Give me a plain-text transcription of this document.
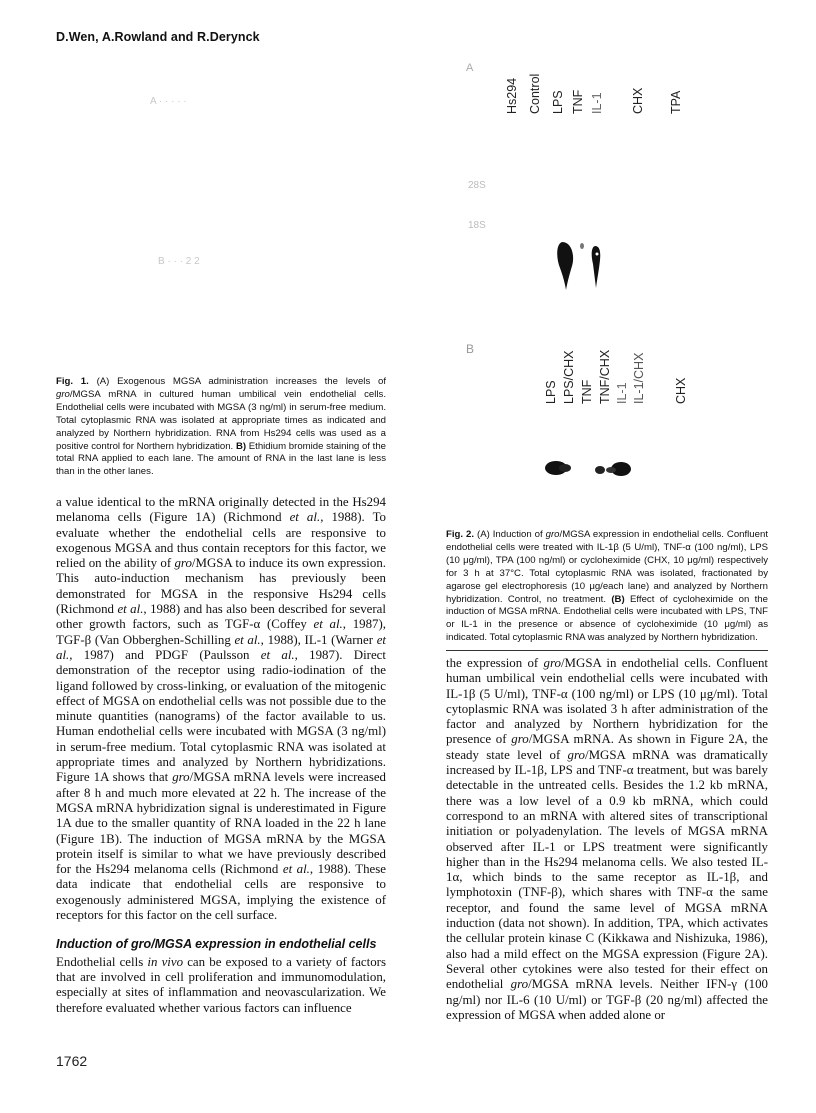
D.Wen, A.Rowland and R.Derynck
A · · · · ·
B · · · 2 2
A
Hs294 Control LPS TNF IL-1 CHX TPA
28S
18S
B
LPS LPS/CHX TNF TNF/CHX IL-1 IL-1/CHX CHX
Fig. 1. (A) Exogenous MGSA administration increases the levels of gro/MGSA mRNA in cultured human umbilical vein endothelial cells. Endothelial cells were incubated with MGSA (3 ng/ml) in serum-free medium. Total cytoplasmic RNA was isolated at appropriate times as indicated and analyzed by Northern hybridization. RNA from Hs294 cells was used as a positive control for Northern hybridization. B) Ethidium bromide staining of the total RNA applied to each lane. The amount of RNA in the last lane is less than in the other lanes.
Fig. 2. (A) Induction of gro/MGSA expression in endothelial cells. Confluent endothelial cells were treated with IL-1β (5 U/ml), TNF-α (100 ng/ml), LPS (10 μg/ml), TPA (100 ng/ml) or cycloheximide (CHX, 10 μg/ml) respectively for 3 h at 37°C. Total cytoplasmic RNA was isolated, fractionated by agarose gel electrophoresis (10 μg/each lane) and analyzed by Northern hybridization. Control, no treatment. (B) Effect of cycloheximide on the induction of MGSA mRNA. Endothelial cells were incubated with LPS, TNF or IL-1 in the presence or absence of cycloheximide (10 μg/ml) as indicated. Total cytoplasmic RNA was analyzed by Northern hybridization.

a value identical to the mRNA originally detected in the Hs294 melanoma cells (Figure 1A) (Richmond et al., 1988). To evaluate whether the endothelial cells are responsive to exogenous MGSA and thus contain receptors for this factor, we relied on the ability of gro/MGSA to induce its own expression. This auto-induction mechanism has previously been demonstrated for MGSA in the responsive Hs294 cells (Richmond et al., 1988) and has also been described for several other growth factors, such as TGF-α (Coffey et al., 1987), TGF-β (Van Obberghen-Schilling et al., 1988), IL-1 (Warner et al., 1987) and PDGF (Paulsson et al., 1987). Direct demonstration of the receptor using radio-iodination of the ligand followed by cross-linking, or evaluation of the mitogenic effect of MGSA on endothelial cells was not possible due to the minute quantities (nanograms) of the factor available to us. Human endothelial cells were incubated with MGSA (3 ng/ml) in serum-free medium. Total cytoplasmic RNA was isolated at appropriate times and analyzed by Northern hybridizations. Figure 1A shows that gro/MGSA mRNA levels were increased after 8 h and much more elevated at 22 h. The increase of the MGSA mRNA hybridization signal is underestimated in Figure 1A due to the smaller quantity of RNA loaded in the 22 h lane (Figure 1B). The induction of MGSA mRNA by the MGSA protein itself is similar to what we have previously described for the Hs294 melanoma cells (Richmond et al., 1988). These data indicate that endothelial cells are responsive to exogenously administered MGSA, implying the existence of receptors for this factor on the cell surface.

Induction of gro/MGSA expression in endothelial cells

Endothelial cells in vivo can be exposed to a variety of factors that are involved in cell proliferation and immunomodulation, especially at sites of inflammation and neovascularization. We therefore evaluated whether various factors can influence

the expression of gro/MGSA in endothelial cells. Confluent human umbilical vein endothelial cells were incubated with IL-1β (5 U/ml), TNF-α (100 ng/ml) or LPS (10 μg/ml). Total cytoplasmic RNA was isolated 3 h after administration of the factor and analyzed by Northern hybridization for the presence of gro/MGSA mRNA. As shown in Figure 2A, the steady state level of gro/MGSA mRNA was dramatically increased by IL-1β, LPS and TNF-α treatment, but was barely detectable in the untreated cells. Besides the 1.2 kb mRNA, there was a low level of a 0.9 kb mRNA, which could correspond to an mRNA with altered sites of transcriptional initiation or polyadenylation. The levels of MGSA mRNA observed after IL-1 or LPS treatment were significantly higher than in the Hs294 melanoma cells. We also tested IL-1α, which binds to the same receptor as IL-1β, and lymphotoxin (TNF-β), which shares with TNF-α the same receptor, and found the same level of MGSA mRNA induction (data not shown). In addition, TPA, which activates the cellular protein kinase C (Kikkawa and Nishizuka, 1986), also had a mild effect on the MGSA expression (Figure 2A). Several other cytokines were also tested for their effect on endothelial gro/MGSA mRNA levels. Neither IFN-γ (100 ng/ml) nor IL-6 (10 U/ml) or TGF-β (20 ng/ml) affected the expression of MGSA when added alone or

1762
